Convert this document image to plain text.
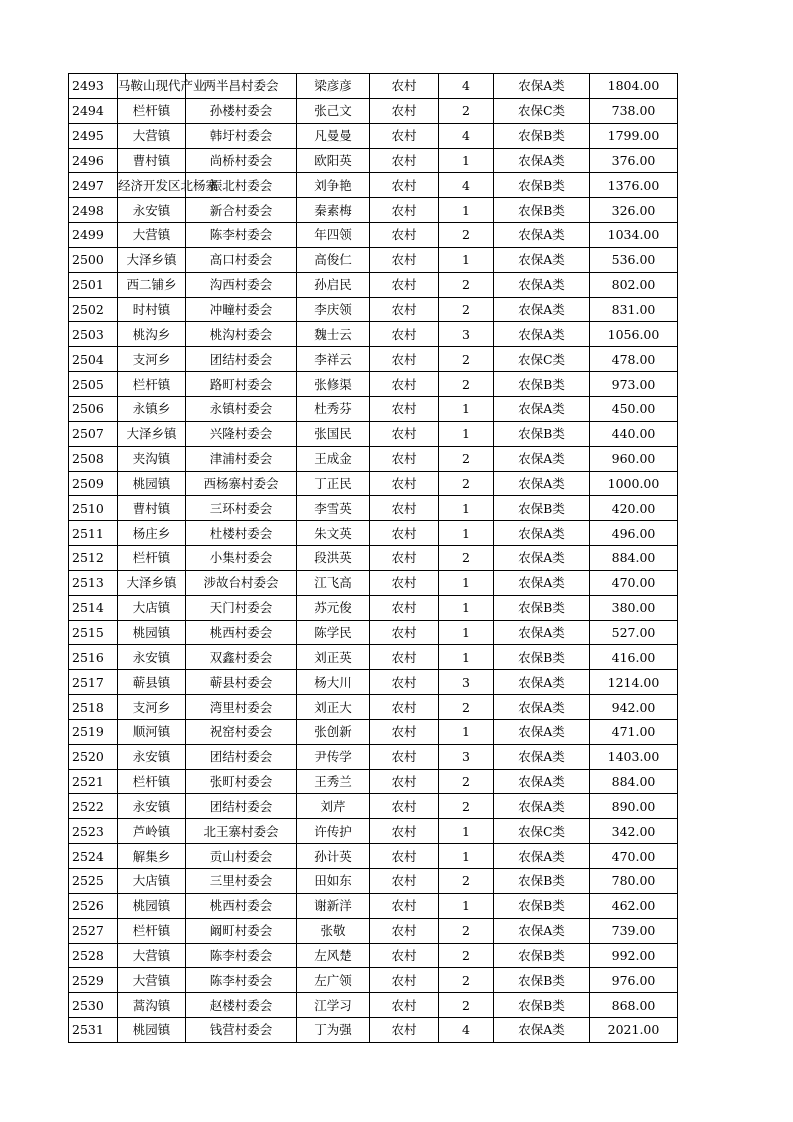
2493	马鞍山现代产业	两半昌村委会	梁彦彦	农村	4	农保A类	1804.00
2494	栏杆镇	孙楼村委会	张己文	农村	2	农保C类	738.00
2495	大营镇	韩圩村委会	凡曼曼	农村	4	农保B类	1799.00
2496	曹村镇	尚桥村委会	欧阳英	农村	1	农保A类	376.00
2497	经济开发区北杨寨	振北村委会	刘争艳	农村	4	农保B类	1376.00
2498	永安镇	新合村委会	秦素梅	农村	1	农保B类	326.00
2499	大营镇	陈李村委会	年四领	农村	2	农保A类	1034.00
2500	大泽乡镇	高口村委会	高俊仁	农村	1	农保A类	536.00
2501	西二铺乡	沟西村委会	孙启民	农村	2	农保A类	802.00
2502	时村镇	冲疃村委会	李庆领	农村	2	农保A类	831.00
2503	桃沟乡	桃沟村委会	魏士云	农村	3	农保A类	1056.00
2504	支河乡	团结村委会	李祥云	农村	2	农保C类	478.00
2505	栏杆镇	路町村委会	张修渠	农村	2	农保B类	973.00
2506	永镇乡	永镇村委会	杜秀芬	农村	1	农保A类	450.00
2507	大泽乡镇	兴隆村委会	张国民	农村	1	农保B类	440.00
2508	夹沟镇	津浦村委会	王成金	农村	2	农保A类	960.00
2509	桃园镇	西杨寨村委会	丁正民	农村	2	农保A类	1000.00
2510	曹村镇	三环村委会	李雪英	农村	1	农保B类	420.00
2511	杨庄乡	杜楼村委会	朱文英	农村	1	农保A类	496.00
2512	栏杆镇	小集村委会	段洪英	农村	2	农保A类	884.00
2513	大泽乡镇	涉故台村委会	江飞高	农村	1	农保A类	470.00
2514	大店镇	天门村委会	苏元俊	农村	1	农保B类	380.00
2515	桃园镇	桃西村委会	陈学民	农村	1	农保A类	527.00
2516	永安镇	双鑫村委会	刘正英	农村	1	农保B类	416.00
2517	蕲县镇	蕲县村委会	杨大川	农村	3	农保A类	1214.00
2518	支河乡	湾里村委会	刘正大	农村	2	农保A类	942.00
2519	顺河镇	祝窑村委会	张创新	农村	1	农保A类	471.00
2520	永安镇	团结村委会	尹传学	农村	3	农保A类	1403.00
2521	栏杆镇	张町村委会	王秀兰	农村	2	农保A类	884.00
2522	永安镇	团结村委会	刘芹	农村	2	农保A类	890.00
2523	芦岭镇	北王寨村委会	许传护	农村	1	农保C类	342.00
2524	解集乡	贡山村委会	孙计英	农村	1	农保A类	470.00
2525	大店镇	三里村委会	田如东	农村	2	农保B类	780.00
2526	桃园镇	桃西村委会	谢新洋	农村	1	农保B类	462.00
2527	栏杆镇	阚町村委会	张敬	农村	2	农保A类	739.00
2528	大营镇	陈李村委会	左风楚	农村	2	农保B类	992.00
2529	大营镇	陈李村委会	左广领	农村	2	农保B类	976.00
2530	蒿沟镇	赵楼村委会	江学习	农村	2	农保B类	868.00
2531	桃园镇	钱营村委会	丁为强	农村	4	农保A类	2021.00
